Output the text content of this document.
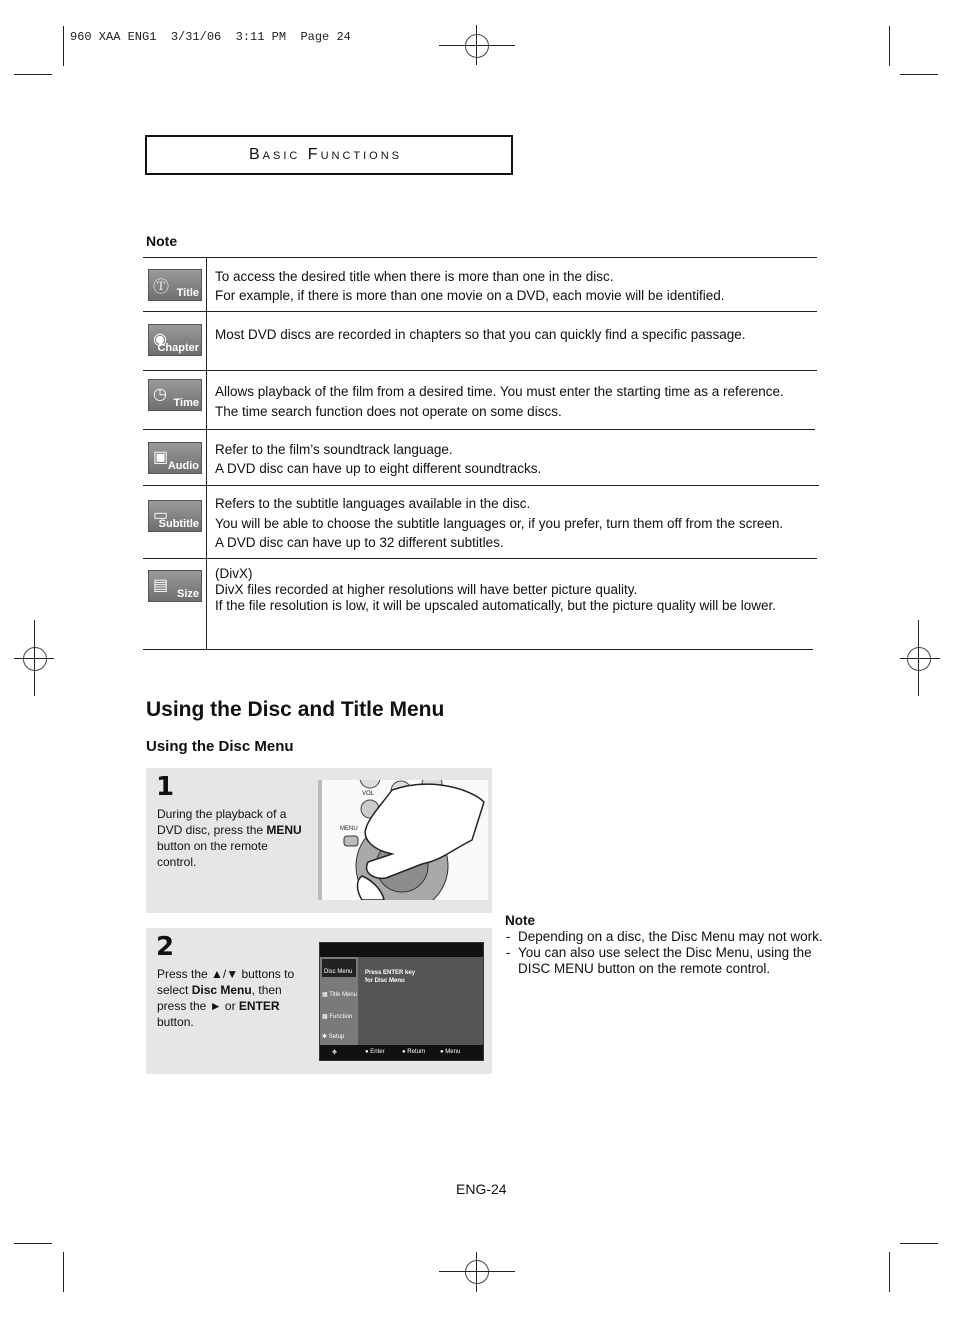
960 XAA ENG1  3/31/06  3:11 PM  Page 24
Basic Functions
Note
Ⓣ Title
◉
Chapter
◷ Time
▣ Audio
▭
Subtitle
▤ Size
To access the desired title when there is more than one in the disc.
For example, if there is more than one movie on a DVD, each movie will be identified.
Most DVD discs are recorded in chapters so that you can quickly find a specific passage.
Allows playback of the film from a desired time. You must enter the starting time as a reference.
The time search function does not operate on some discs.
Refer to the film’s soundtrack language.
A DVD disc can have up to eight different soundtracks.
Refers to the subtitle languages available in the disc.
You will be able to choose the subtitle languages or, if you prefer, turn them off from the screen.
A DVD disc can have up to 32 different subtitles.
(DivX)
DivX files recorded at higher resolutions will have better picture quality.
If the file resolution is low, it will be upscaled automatically, but the picture quality will be lower.
Using the Disc and Title Menu
Using the Disc Menu
1
During the playback of a DVD disc, press the MENU button on the remote control.
VOL
MENU
2
Press the ▲/▼ buttons to select Disc Menu, then press the ► or ENTER button.
Disc Menu
▦ Title Menu
▩ Function
✱ Setup
Press ENTER key
for Disc Menu
✥	● Enter	● Return ● Menu
Note
- Depending on a disc, the Disc Menu may not work.
- You can also use select the Disc Menu, using the DISC MENU button on the remote control.
ENG-24
